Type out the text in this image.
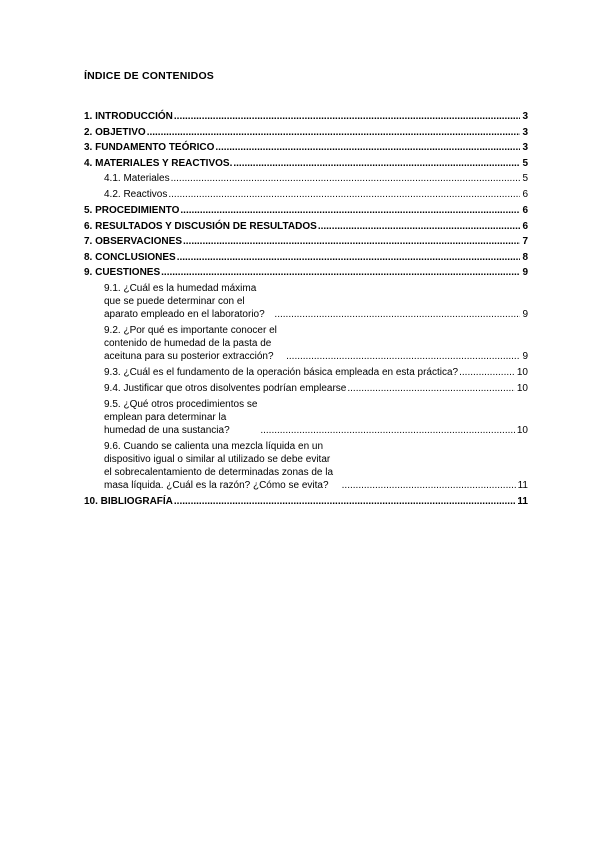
ÍNDICE DE CONTENIDOS
1. INTRODUCCIÓN .....	3
2. OBJETIVO .....	3
3. FUNDAMENTO TEÓRICO .....	3
4. MATERIALES Y REACTIVOS. .....	5
4.1. Materiales .....	5
4.2. Reactivos .....	6
5. PROCEDIMIENTO .....	6
6. RESULTADOS Y DISCUSIÓN DE RESULTADOS .....	6
7. OBSERVACIONES .....	7
8. CONCLUSIONES .....	8
9. CUESTIONES .....	9
9.1. ¿Cuál es la humedad máxima que se puede determinar con el aparato empleado en el laboratorio? .....	9
9.2. ¿Por qué es importante conocer el contenido de humedad de la pasta de aceituna para su posterior extracción? .....	9
9.3. ¿Cuál es el fundamento de la operación básica empleada en esta práctica? .....	10
9.4. Justificar que otros disolventes podrían emplearse .....	10
9.5. ¿Qué otros procedimientos se emplean para determinar la humedad de una sustancia? .....	10
9.6. Cuando se calienta una mezcla líquida en un dispositivo igual o similar al utilizado se debe evitar el sobrecalentamiento de determinadas zonas de la masa líquida. ¿Cuál es la razón? ¿Cómo se evita? .....	11
10. BIBLIOGRAFÍA .....	11
